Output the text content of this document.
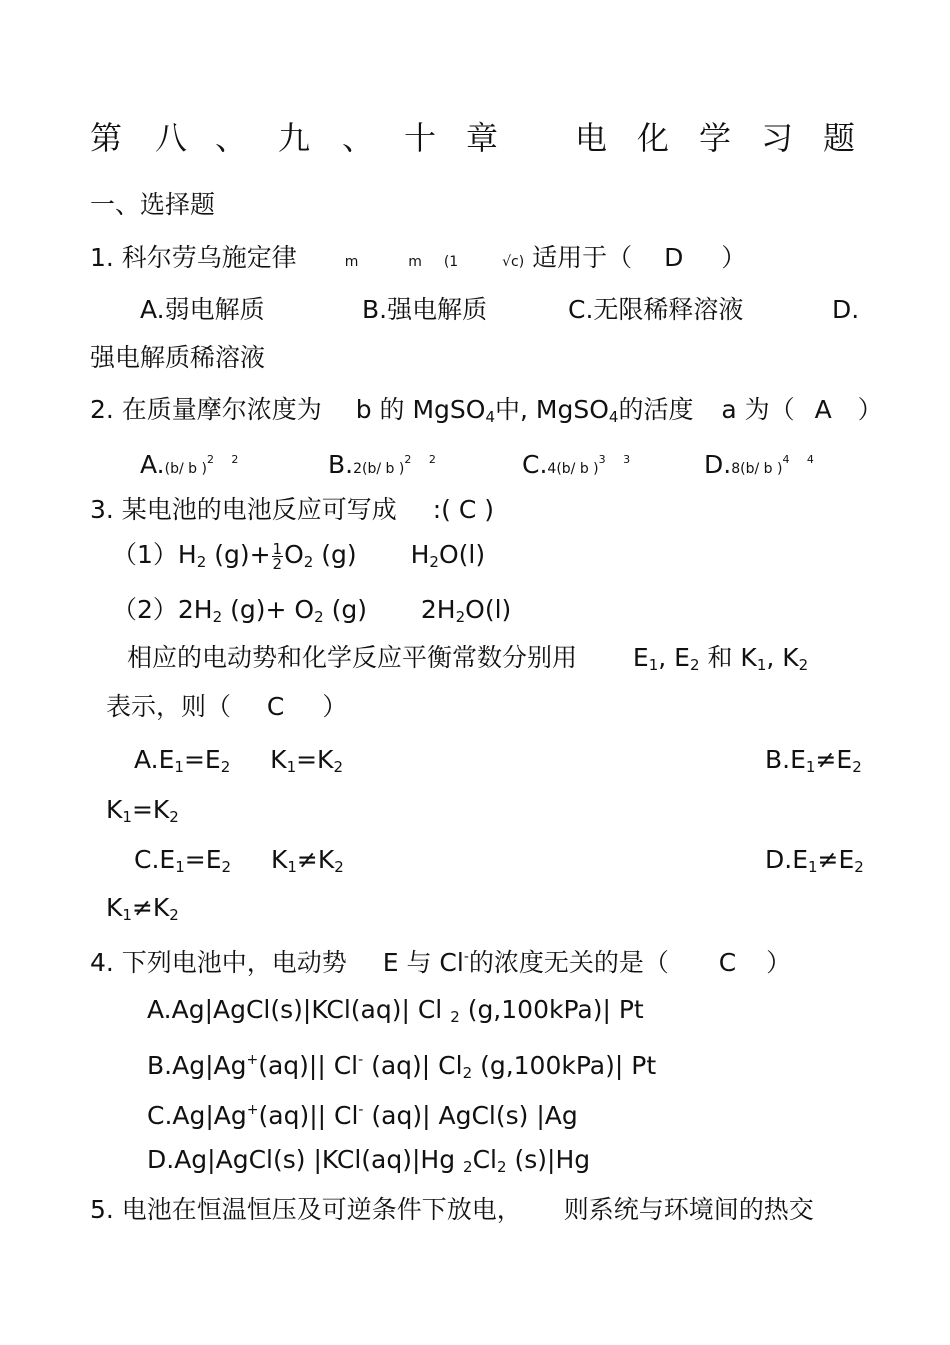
第 八 、 九 、 十 章 电 化 学 习 题
一、选择题
1. 科尔劳乌施定律	m	m (1	√c) 适用于（ D ）
A.弱电解质	B.强电解质	C.无限稀释溶液	D.
强电解质稀溶液
2. 在质量摩尔浓度为 b 的 MgSO$_4$中, MgSO$_4$的活度 a 为（ A ）
A.(b/ b )$^{2 2}$	B.2(b/ b )$^{2 2}$	C.4(b/ b )$^{3 3}$	D.8(b/ b )$^{4 4}$
3. 某电池的电池反应可写成 :( C )
$(1)H_2$ $(g)+ \frac{1}{2} O_2$ (g) $H_2O(l)$
$(2)2H_2$ $(g)+ O_2$ (g) $2H_2O(l)$
相应的电动势和化学反应平衡常数分别用 $E_1$, $E_2$ 和 $K_1$, $K_2$
表示，则（ C ）
$A.E_1=E_2$ $K_1=K_2$	$B.E_1\ne E_2$
$K_1=K_2$
$C.E_1=E_2$ $K_1\ne K_2$	$D.E_1\ne E_2$
$K_1\ne K_2$
4. 下列电池中，电动势 E 与 Cl-的浓度无关的是（ C ）
A.Ag|AgCl(s)|KCl(aq)| Cl $_2$ (g,100kPa)| Pt
B.Ag|Ag+(aq)|| Cl- (aq)| $Cl_2$ (g,100kPa)| Pt
C.Ag|Ag+(aq)|| Cl- (aq)| AgCl(s) |Ag
D.Ag|AgCl(s) |KCl(aq)|Hg $_2Cl_2$ (s)|Hg
5. 电池在恒温恒压及可逆条件下放电， 则系统与环境间的热交
